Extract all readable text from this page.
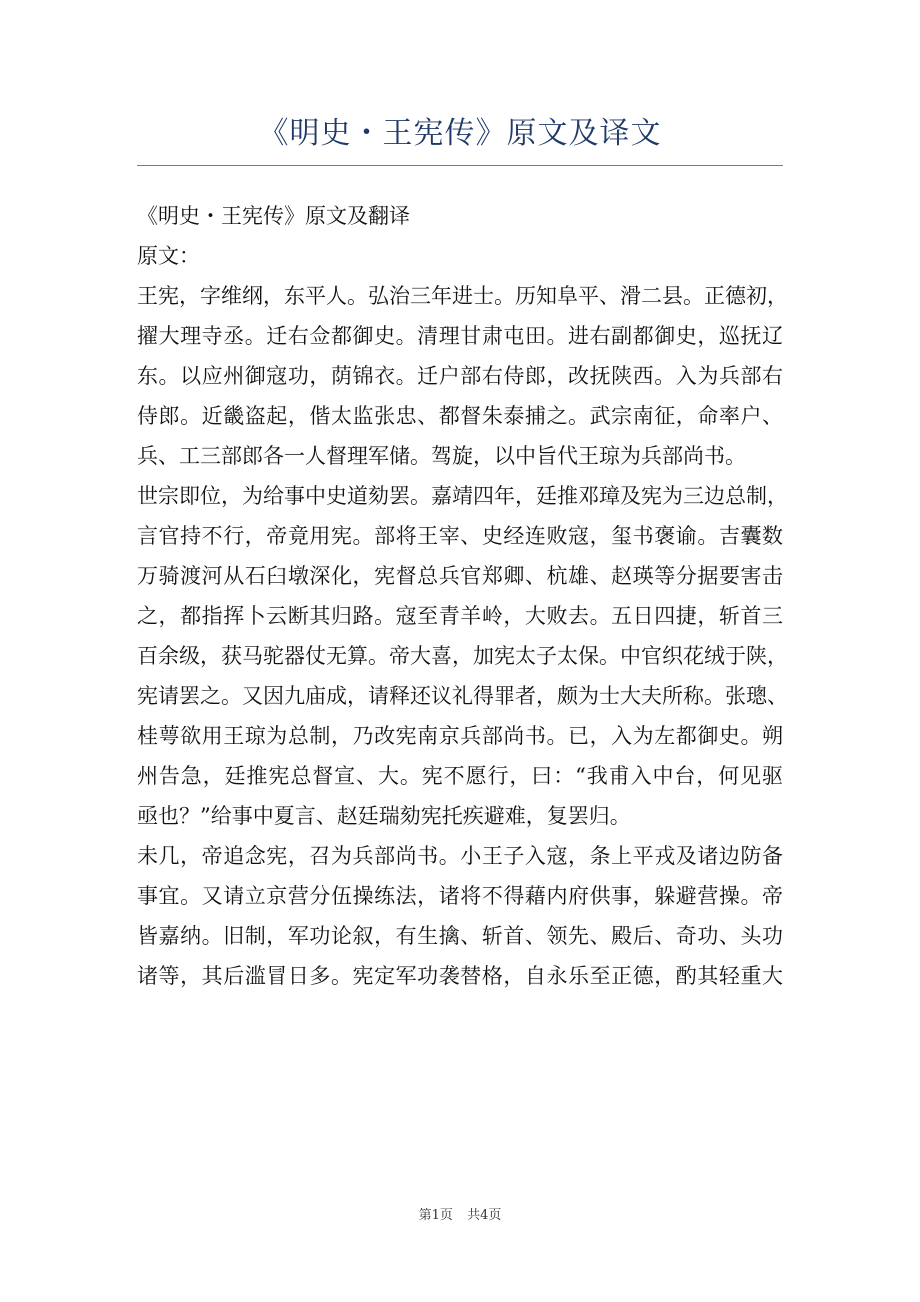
《明史・王宪传》原文及译文
《明史・王宪传》原文及翻译
原文：
王宪，字维纲，东平人。弘治三年进士。历知阜平、滑二县。正德初，
擢大理寺丞。迁右佥都御史。清理甘肃屯田。进右副都御史，巡抚辽
东。以应州御寇功，荫锦衣。迁户部右侍郎，改抚陕西。入为兵部右
侍郎。近畿盗起，偕太监张忠、都督朱泰捕之。武宗南征，命率户、
兵、工三部郎各一人督理军储。驾旋，以中旨代王琼为兵部尚书。
世宗即位，为给事中史道劾罢。嘉靖四年，廷推邓璋及宪为三边总制，
言官持不行，帝竟用宪。部将王宰、史经连败寇，玺书褒谕。吉囊数
万骑渡河从石臼墩深化，宪督总兵官郑卿、杭雄、赵瑛等分据要害击
之，都指挥卜云断其归路。寇至青羊岭，大败去。五日四捷，斩首三
百余级，获马驼器仗无算。帝大喜，加宪太子太保。中官织花绒于陕，
宪请罢之。又因九庙成，请释还议礼得罪者，颇为士大夫所称。张璁、
桂萼欲用王琼为总制，乃改宪南京兵部尚书。已，入为左都御史。朔
州告急，廷推宪总督宣、大。宪不愿行，曰：“我甫入中台，何见驱
亟也？”给事中夏言、赵廷瑞劾宪托疾避难，复罢归。
未几，帝追念宪，召为兵部尚书。小王子入寇，条上平戎及诸边防备
事宜。又请立京营分伍操练法，诸将不得藉内府供事，躲避营操。帝
皆嘉纳。旧制，军功论叙，有生擒、斩首、领先、殿后、奇功、头功
诸等，其后滥冒日多。宪定军功袭替格，自永乐至正德，酌其轻重大
第1页 共4页
